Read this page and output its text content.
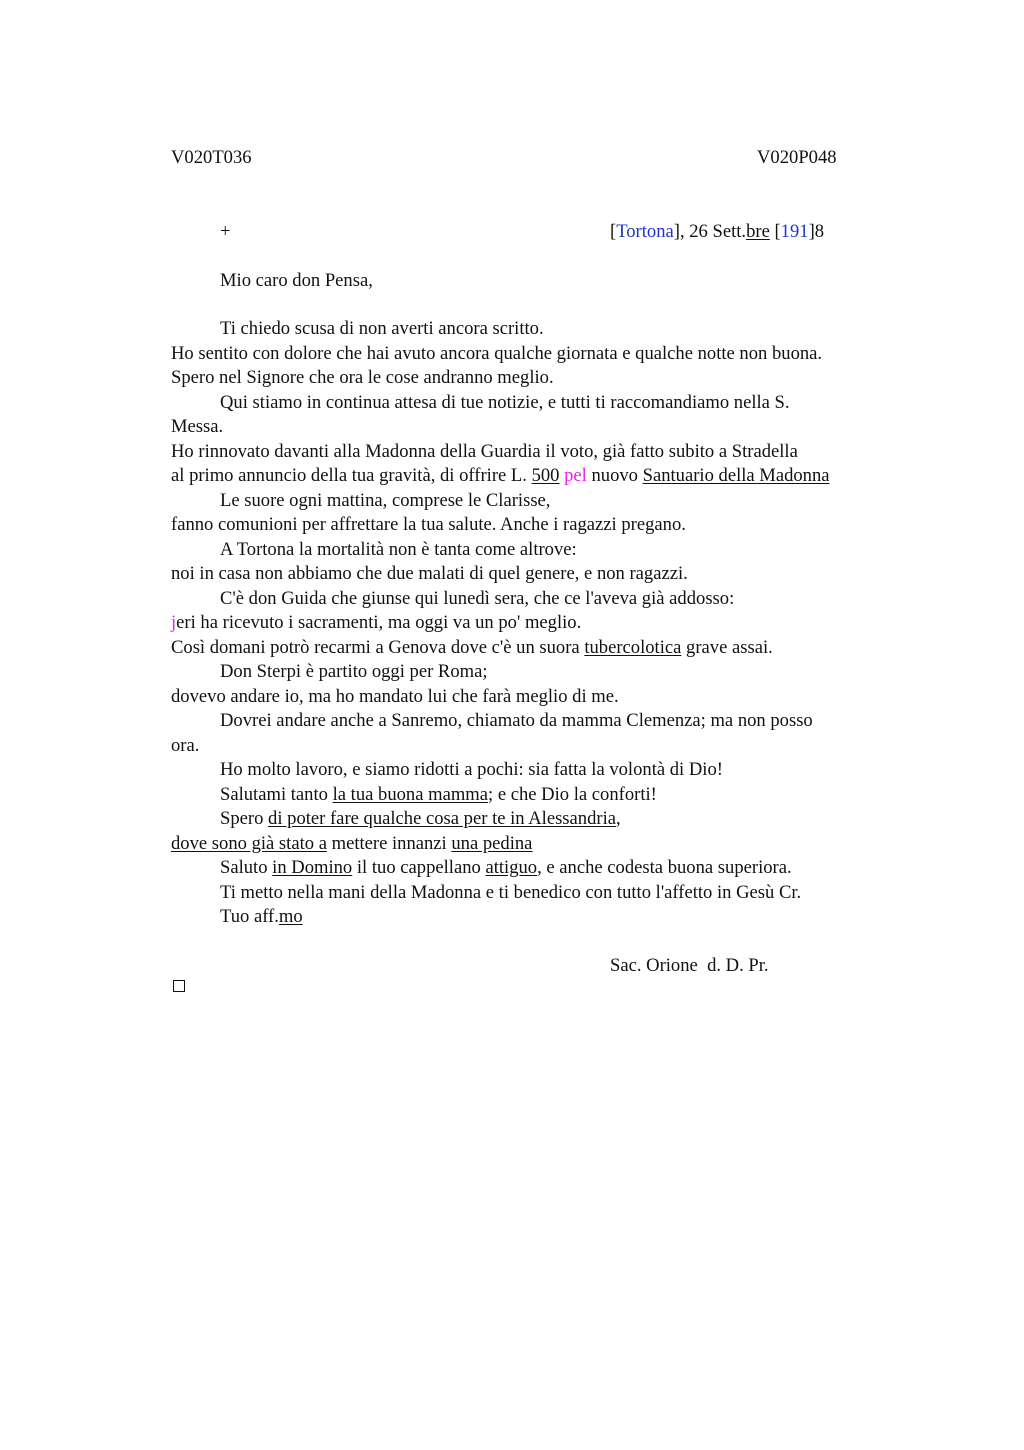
V020T036	V020P048
+	[Tortona], 26 Sett.bre [191]8
Mio caro don Pensa,
Ti chiedo scusa di non averti ancora scritto.
Ho sentito con dolore che hai avuto ancora qualche giornata e qualche notte non buona.
Spero nel Signore che ora le cose andranno meglio.
Qui stiamo in continua attesa di tue notizie, e tutti ti raccomandiamo nella S.
Messa.
Ho rinnovato davanti alla Madonna della Guardia il voto, già fatto subito a Stradella
al primo annuncio della tua gravità, di offrire L. 500 pel nuovo Santuario della Madonna
Le suore ogni mattina, comprese le Clarisse,
fanno comunioni per affrettare la tua salute. Anche i ragazzi pregano.
A Tortona la mortalità non è tanta come altrove:
noi in casa non abbiamo che due malati di quel genere, e non ragazzi.
C'è don Guida che giunse qui lunedì sera, che ce l'aveva già addosso:
jeri ha ricevuto i sacramenti, ma oggi va un po' meglio.
Così domani potrò recarmi a Genova dove c'è un suora tubercolotica grave assai.
Don Sterpi è partito oggi per Roma;
dovevo andare io, ma ho mandato lui che farà meglio di me.
Dovrei andare anche a Sanremo, chiamato da mamma Clemenza; ma non posso
ora.
Ho molto lavoro, e siamo ridotti a pochi: sia fatta la volontà di Dio!
Salutami tanto la tua buona mamma; e che Dio la conforti!
Spero di poter fare qualche cosa per te in Alessandria,
dove sono già stato a mettere innanzi una pedina
Saluto in Domino il tuo cappellano attiguo, e anche codesta buona superiora.
Ti metto nella mani della Madonna e ti benedico con tutto l'affetto in Gesù Cr.
Tuo aff.mo
Sac. Orione  d. D. Pr.
